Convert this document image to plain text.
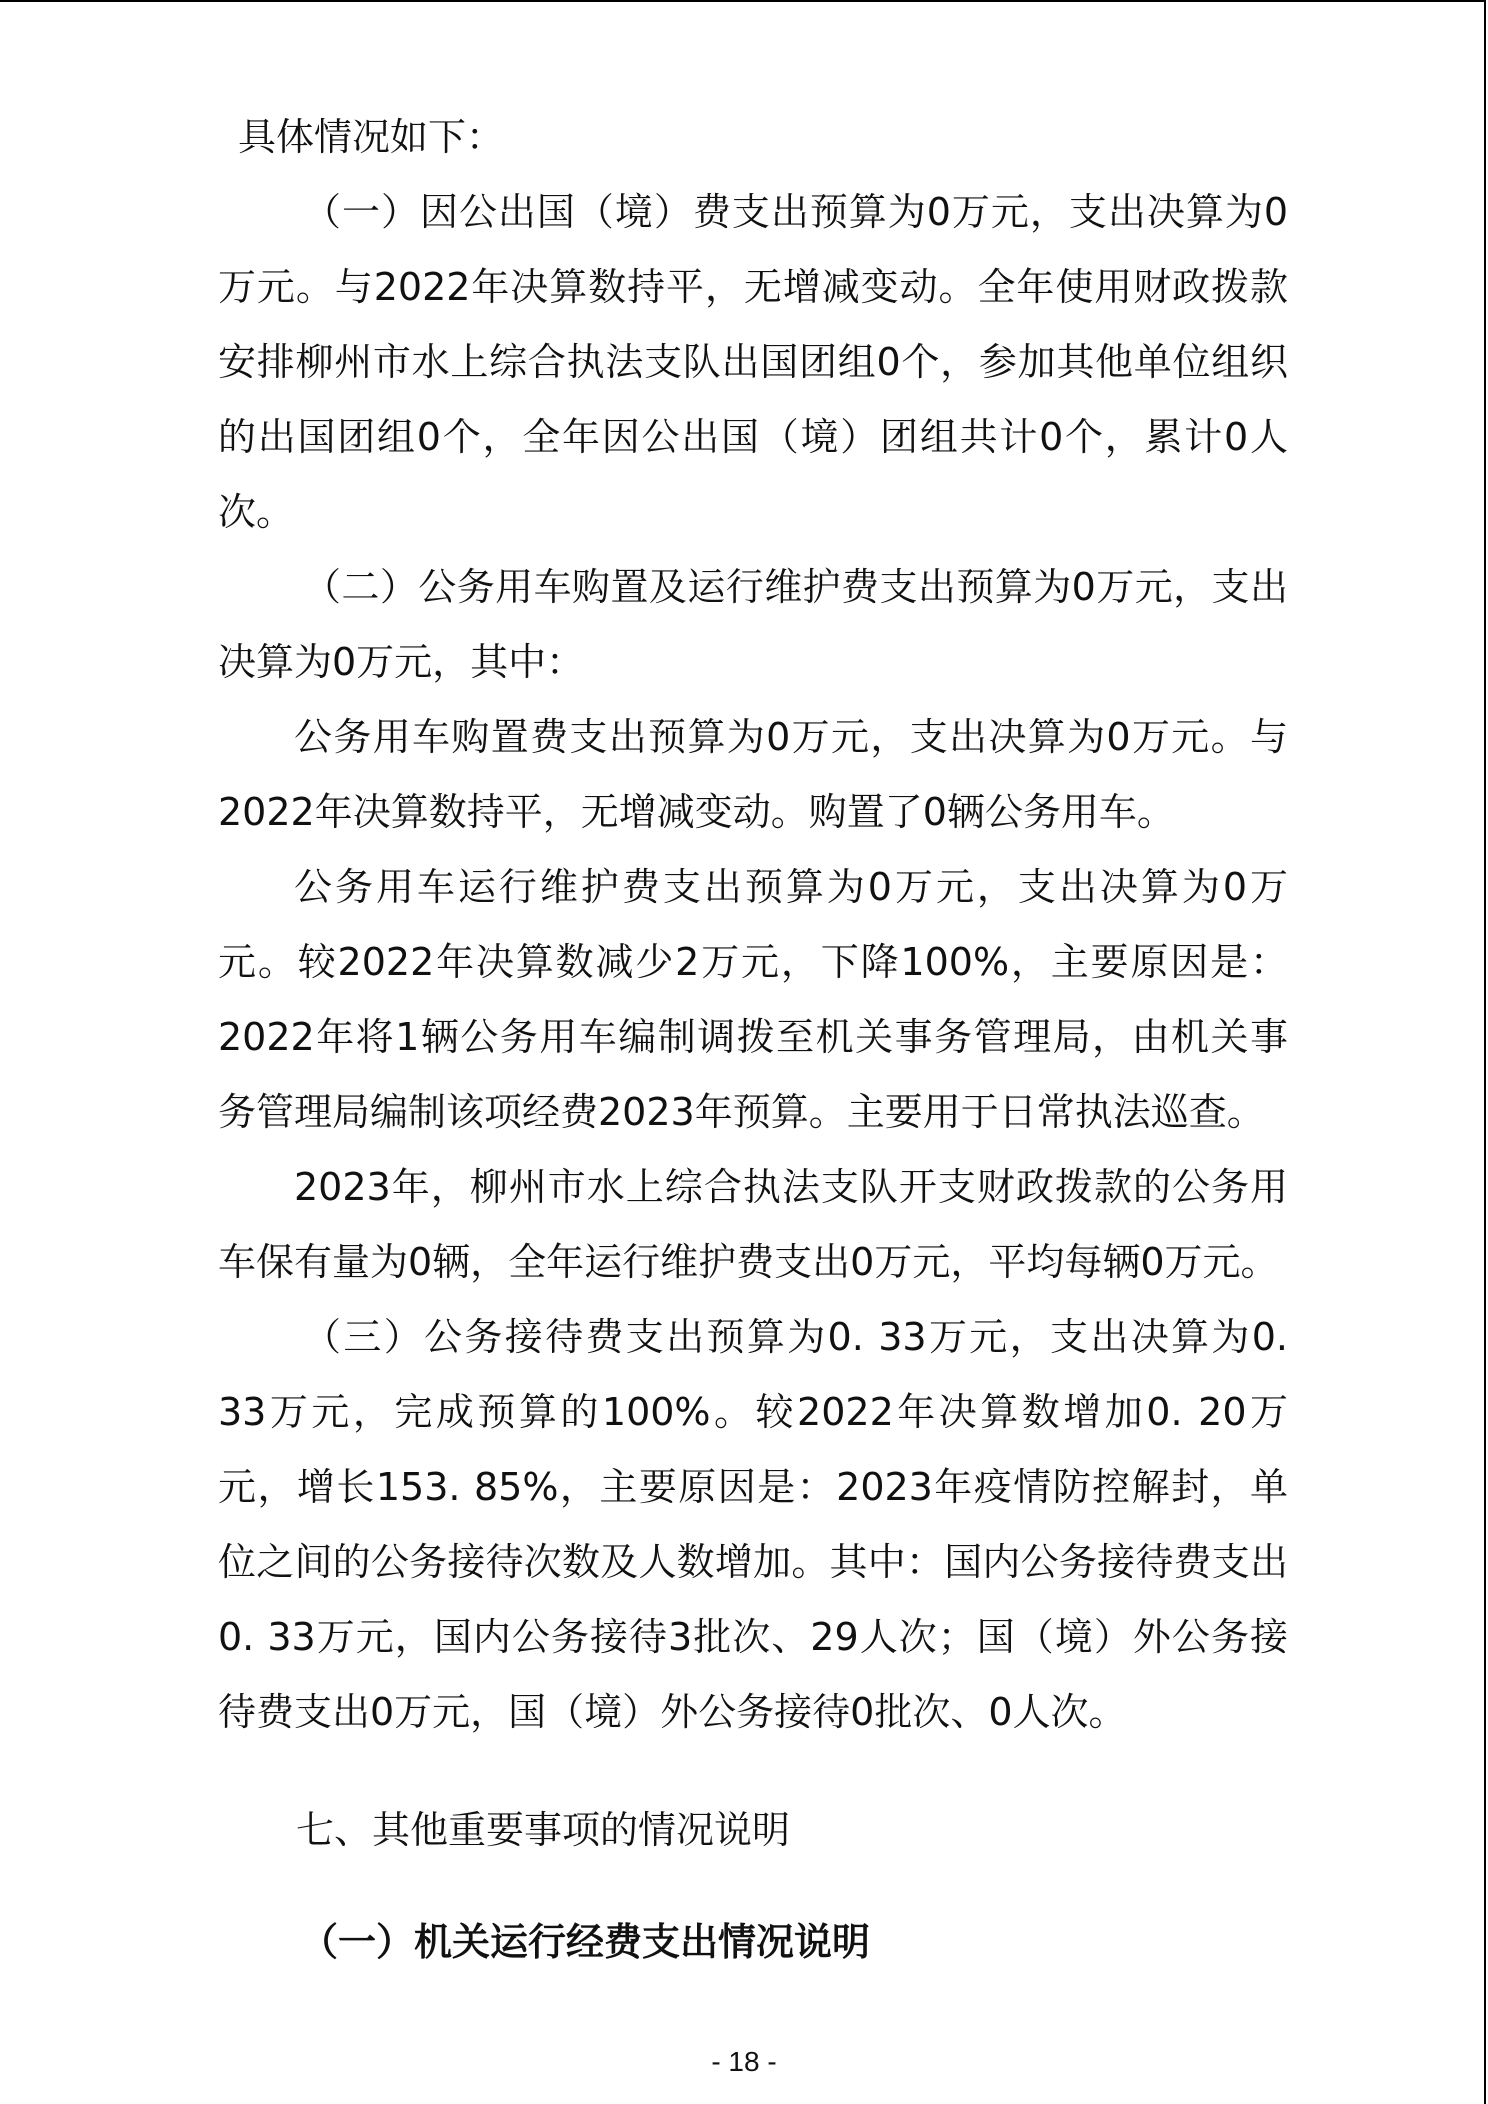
具体情况如下：

（一）因公出国（境）费支出预算为0万元，支出决算为0万元。与2022年决算数持平，无增减变动。全年使用财政拨款安排柳州市水上综合执法支队出国团组0个，参加其他单位组织的出国团组0个，全年因公出国（境）团组共计0个，累计0人次。

（二）公务用车购置及运行维护费支出预算为0万元，支出决算为0万元，其中：

公务用车购置费支出预算为0万元，支出决算为0万元。与2022年决算数持平，无增减变动。购置了0辆公务用车。

公务用车运行维护费支出预算为0万元，支出决算为0万元。较2022年决算数减少2万元，下降100%，主要原因是：2022年将1辆公务用车编制调拨至机关事务管理局，由机关事务管理局编制该项经费2023年预算。主要用于日常执法巡查。

2023年，柳州市水上综合执法支队开支财政拨款的公务用车保有量为0辆，全年运行维护费支出0万元，平均每辆0万元。

（三）公务接待费支出预算为0. 33万元，支出决算为0. 33万元，完成预算的100%。较2022年决算数增加0. 20万元，增长153. 85%，主要原因是：2023年疫情防控解封，单位之间的公务接待次数及人数增加。其中：国内公务接待费支出0. 33万元，国内公务接待3批次、29人次；国（境）外公务接待费支出0万元，国（境）外公务接待0批次、0人次。

七、其他重要事项的情况说明
（一）机关运行经费支出情况说明
- 18 -
